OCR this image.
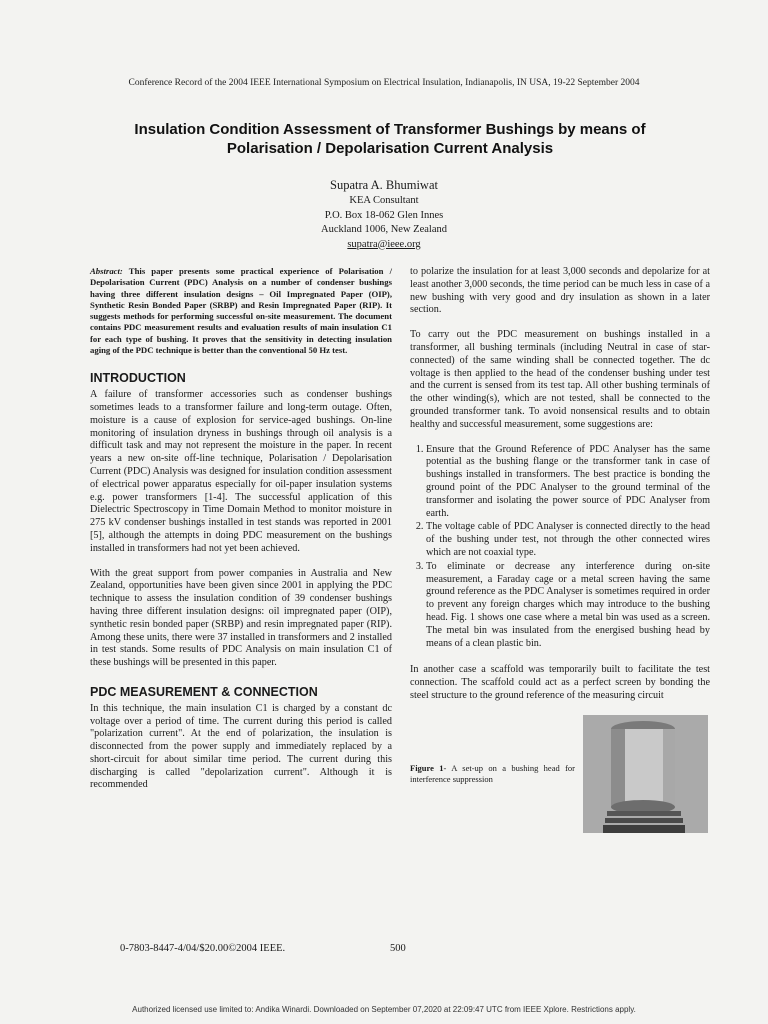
Conference Record of the 2004 IEEE International Symposium on Electrical Insulation, Indianapolis, IN USA, 19-22 September 2004
Insulation Condition Assessment of Transformer Bushings by means of
Polarisation / Depolarisation Current Analysis
Supatra A. Bhumiwat
KEA Consultant
P.O. Box 18-062 Glen Innes
Auckland 1006, New Zealand
supatra@ieee.org

Abstract: This paper presents some practical experience of Polarisation / Depolarisation Current (PDC) Analysis on a number of condenser bushings having three different insulation designs – Oil Impregnated Paper (OIP), Synthetic Resin Bonded Paper (SRBP) and Resin Impregnated Paper (RIP). It suggests methods for performing successful on-site measurement. The document contains PDC measurement results and evaluation results of main insulation C1 for each type of bushing. It proves that the sensitivity in detecting insulation aging of the PDC technique is better than the conventional 50 Hz test.

INTRODUCTION

A failure of transformer accessories such as condenser bushings sometimes leads to a transformer failure and long-term outage. Often, moisture is a cause of explosion for service-aged bushings. On-line monitoring of insulation dryness in bushings through oil analysis is a difficult task and may not represent the moisture in the paper. In recent years a new on-site off-line technique, Polarisation / Depolarisation Current (PDC) Analysis was designed for insulation condition assessment of electrical power apparatus especially for oil-paper insulation systems e.g. power transformers [1-4]. The successful application of this Dielectric Spectroscopy in Time Domain Method to monitor moisture in 275 kV condenser bushings installed in test stands was reported in 2001 [5], although the attempts in doing PDC measurement on the bushings installed in transformers had not yet been achieved.

With the great support from power companies in Australia and New Zealand, opportunities have been given since 2001 in applying the PDC technique to assess the insulation condition of 39 condenser bushings having three different insulation designs: oil impregnated paper (OIP), synthetic resin bonded paper (SRBP) and resin impregnated paper (RIP). Among these units, there were 37 installed in transformers and 2 installed in test stands. Some results of PDC Analysis on main insulation C1 of these bushings will be presented in this paper.

PDC MEASUREMENT & CONNECTION

In this technique, the main insulation C1 is charged by a constant dc voltage over a period of time. The current during this period is called "polarization current". At the end of polarization, the insulation is disconnected from the power supply and immediately replaced by a short-circuit for about similar time period. The current during this discharging is called "depolarization current". Although it is recommended

to polarize the insulation for at least 3,000 seconds and depolarize for at least another 3,000 seconds, the time period can be much less in case of a new bushing with very good and dry insulation as shown in a later section.

To carry out the PDC measurement on bushings installed in a transformer, all bushing terminals (including Neutral in case of star-connected) of the same winding shall be connected together. The dc voltage is then applied to the head of the condenser bushing under test and the current is sensed from its test tap. All other bushing terminals of the other winding(s), which are not tested, shall be connected to the grounded transformer tank. To avoid nonsensical results and to obtain healthy and successful measurement, some suggestions are:

1. Ensure that the Ground Reference of PDC Analyser has the same potential as the bushing flange or the transformer tank in case of bushings installed in transformers. The best practice is bonding the ground point of the PDC Analyser to the ground terminal of the transformer and isolating the power source of PDC Analyser from earth.
2. The voltage cable of PDC Analyser is connected directly to the head of the bushing under test, not through the other connected wires which are not coaxial type.
3. To eliminate or decrease any interference during on-site measurement, a Faraday cage or a metal screen having the same ground reference as the PDC Analyser is sometimes required in order to prevent any foreign charges which may introduce to the bushing head. Fig. 1 shows one case where a metal bin was used as a screen. The metal bin was insulated from the energised bushing head by means of a clean plastic bin.

In another case a scaffold was temporarily built to facilitate the test connection. The scaffold could act as a perfect screen by bonding the steel structure to the ground reference of the measuring circuit

Figure 1- A set-up on a bushing head for interference suppression
0-7803-8447-4/04/$20.00©2004 IEEE.	500
Authorized licensed use limited to: Andika Winardi. Downloaded on September 07,2020 at 22:09:47 UTC from IEEE Xplore. Restrictions apply.
